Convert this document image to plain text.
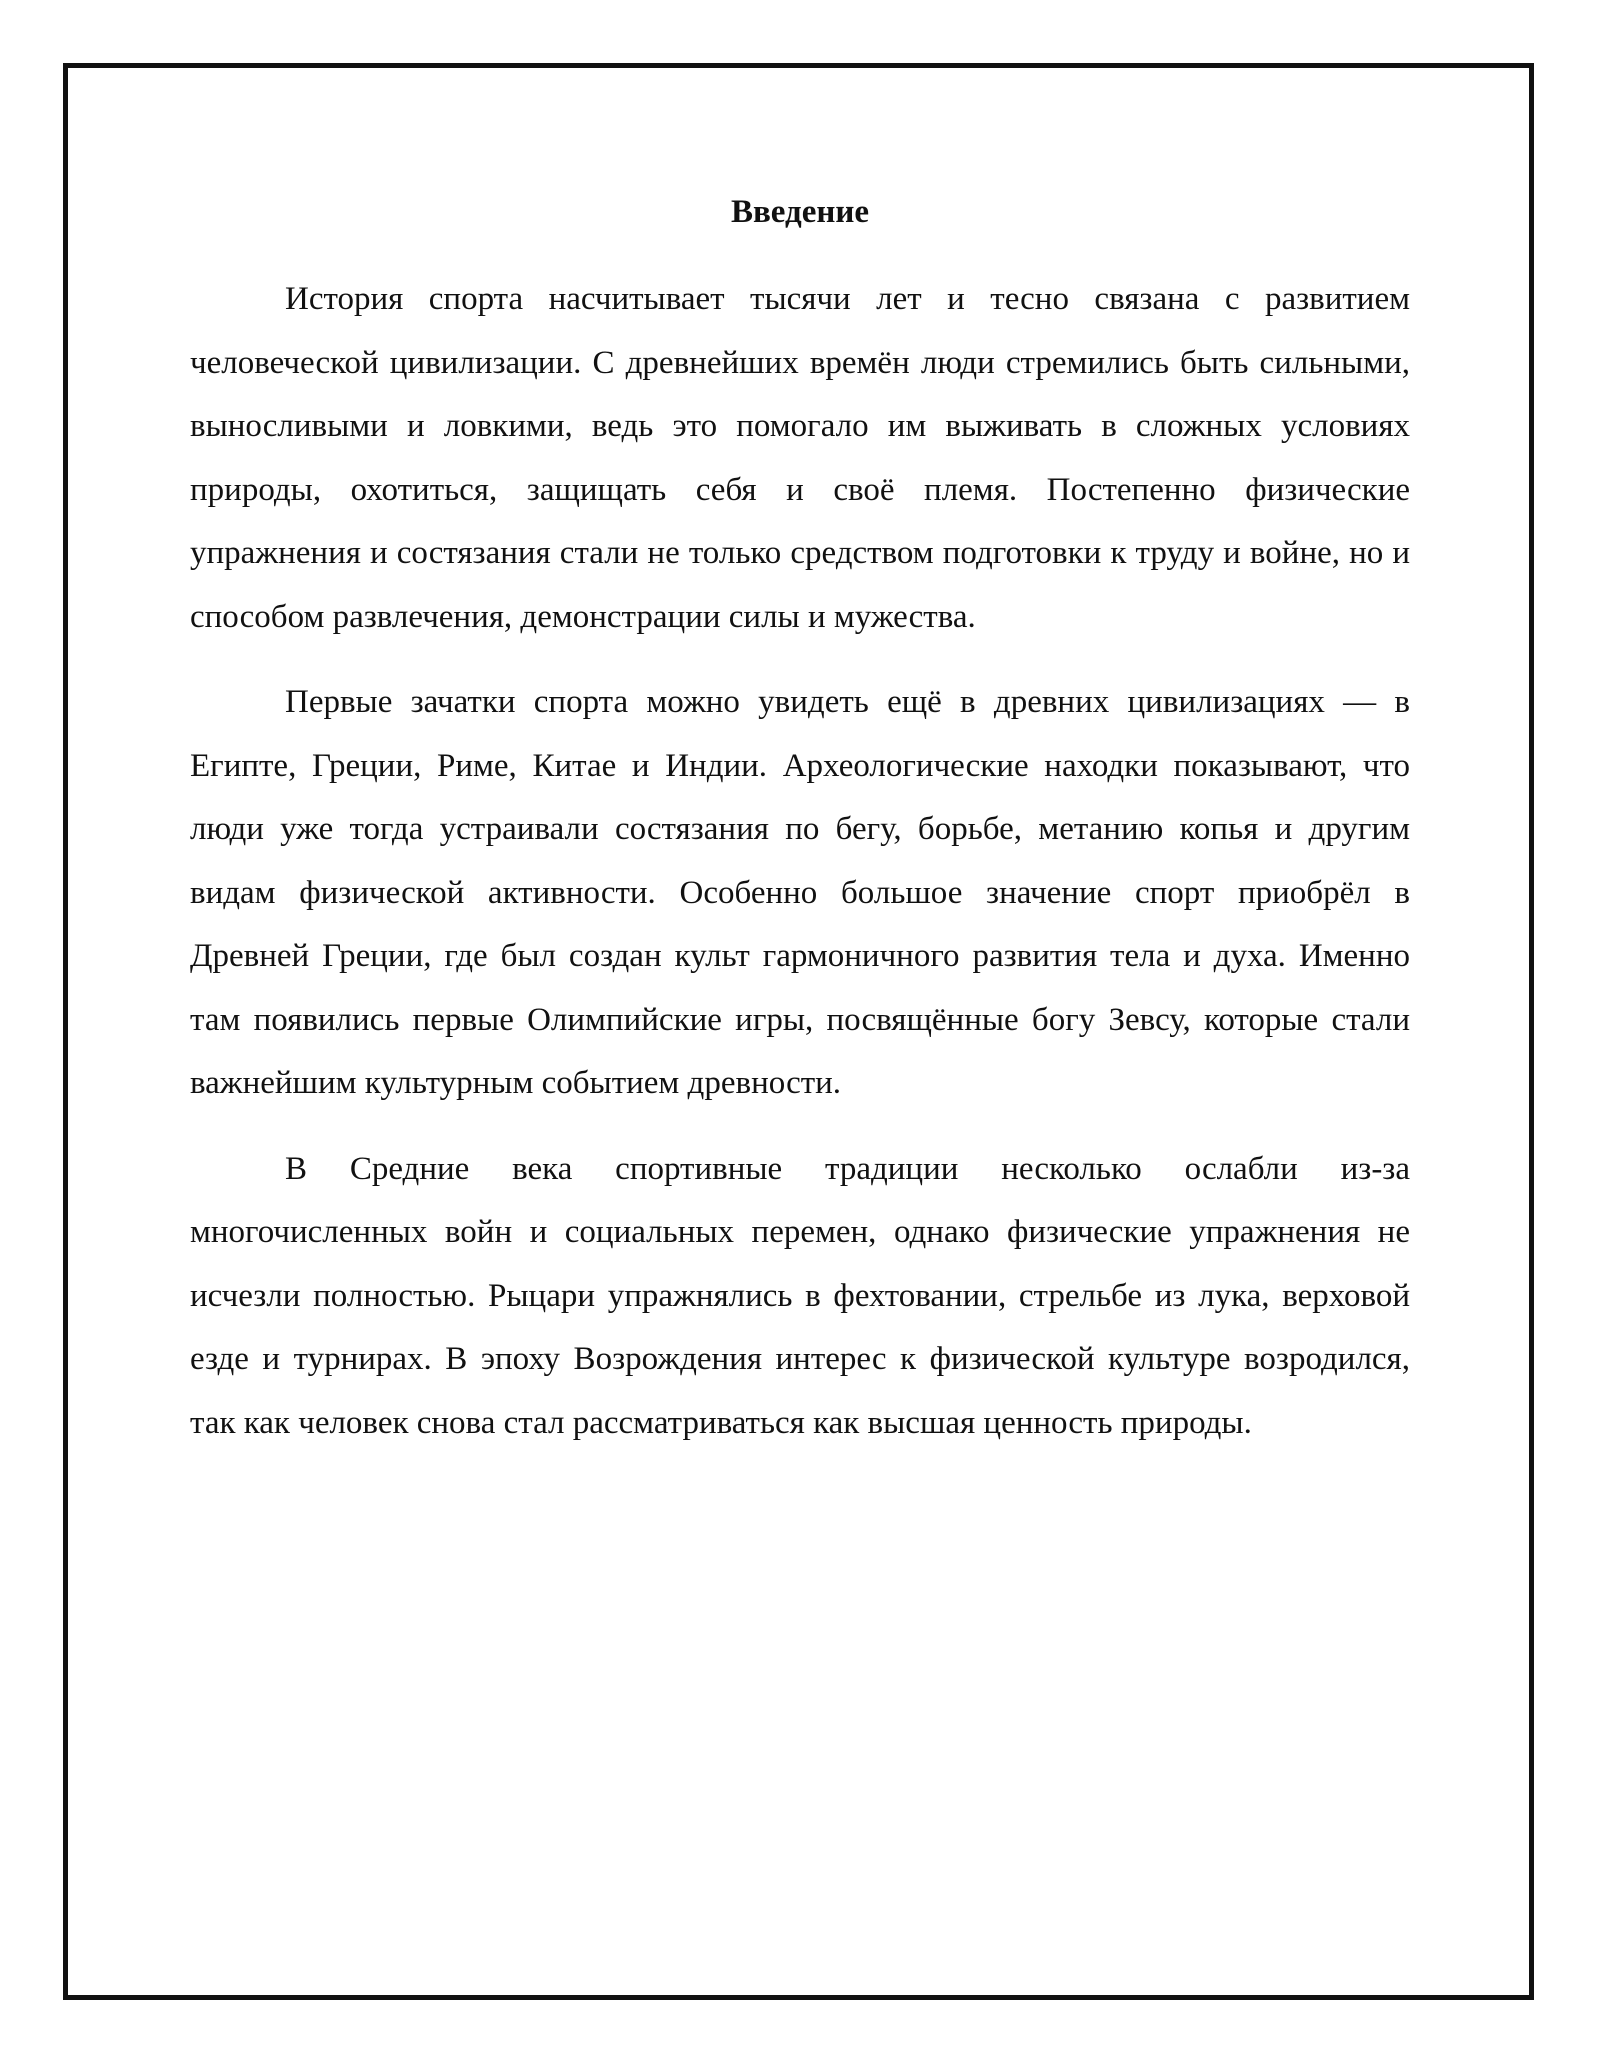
Введение

История спорта насчитывает тысячи лет и тесно связана с развитием человеческой цивилизации. С древнейших времён люди стремились быть сильными, выносливыми и ловкими, ведь это помогало им выживать в сложных условиях природы, охотиться, защищать себя и своё племя. Постепенно физические упражнения и состязания стали не только средством подготовки к труду и войне, но и способом развлечения, демонстрации силы и мужества.

Первые зачатки спорта можно увидеть ещё в древних цивилизациях — в Египте, Греции, Риме, Китае и Индии. Археологические находки показывают, что люди уже тогда устраивали состязания по бегу, борьбе, метанию копья и другим видам физической активности. Особенно большое значение спорт приобрёл в Древней Греции, где был создан культ гармоничного развития тела и духа. Именно там появились первые Олимпийские игры, посвящённые богу Зевсу, которые стали важнейшим культурным событием древности.

В Средние века спортивные традиции несколько ослабли из-за многочисленных войн и социальных перемен, однако физические упражнения не исчезли полностью. Рыцари упражнялись в фехтовании, стрельбе из лука, верховой езде и турнирах. В эпоху Возрождения интерес к физической культуре возродился, так как человек снова стал рассматриваться как высшая ценность природы.
